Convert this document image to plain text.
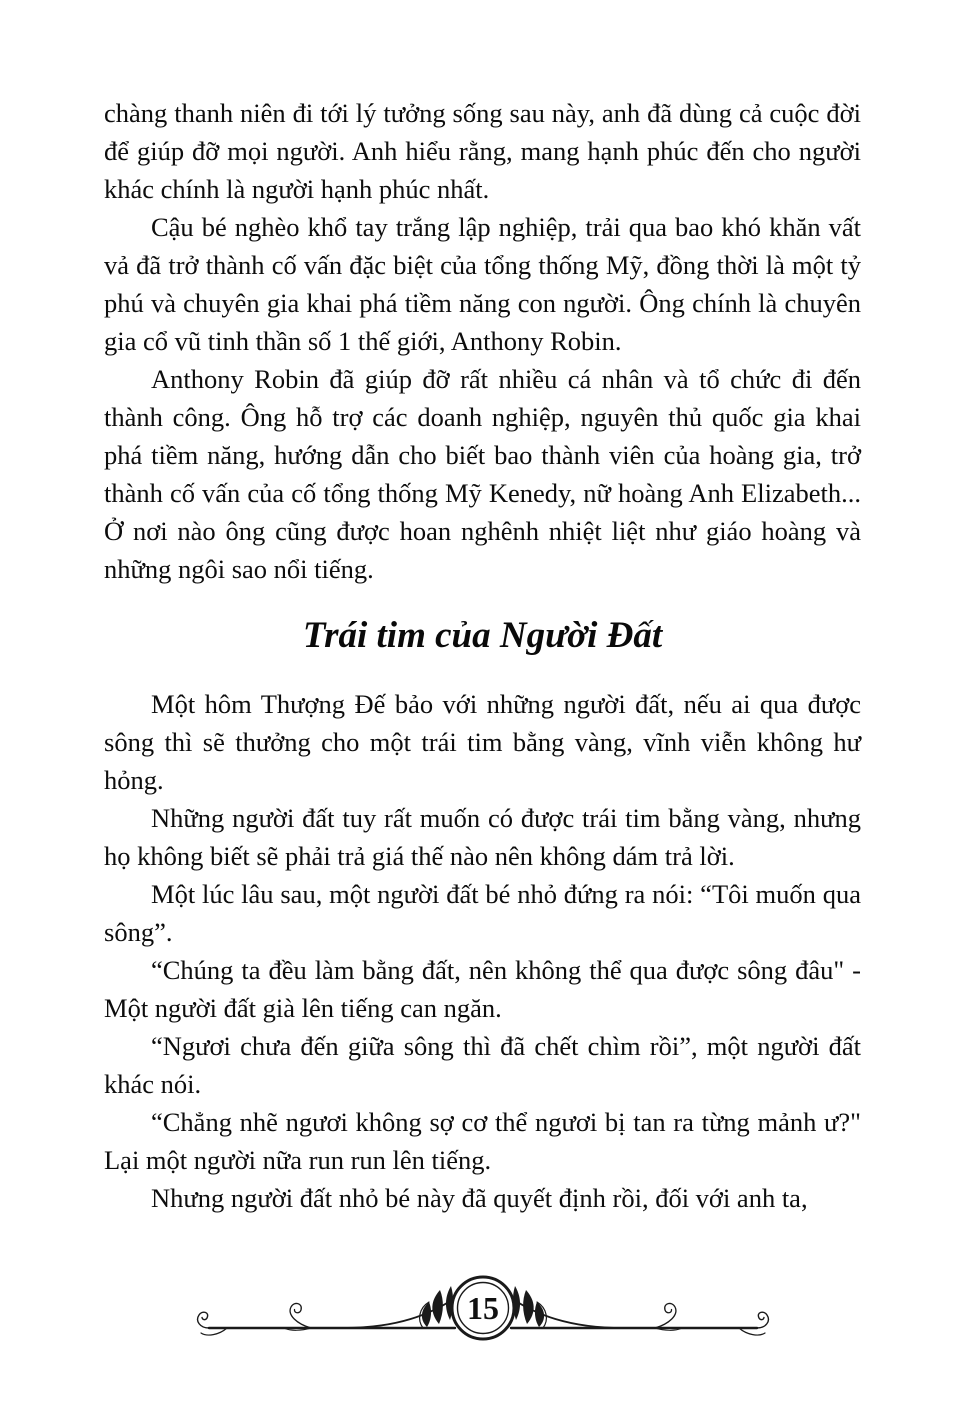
chàng thanh niên đi tới lý tưởng sống sau này, anh đã dùng cả cuộc đời để giúp đỡ mọi người. Anh hiểu rằng, mang hạnh phúc đến cho người khác chính là người hạnh phúc nhất.

Cậu bé nghèo khổ tay trắng lập nghiệp, trải qua bao khó khăn vất vả đã trở thành cố vấn đặc biệt của tổng thống Mỹ, đồng thời là một tỷ phú và chuyên gia khai phá tiềm năng con người. Ông chính là chuyên gia cổ vũ tinh thần số 1 thế giới, Anthony Robin.

Anthony Robin đã giúp đỡ rất nhiều cá nhân và tổ chức đi đến thành công. Ông hỗ trợ các doanh nghiệp, nguyên thủ quốc gia khai phá tiềm năng, hướng dẫn cho biết bao thành viên của hoàng gia, trở thành cố vấn của cố tổng thống Mỹ Kenedy, nữ hoàng Anh Elizabeth... Ở nơi nào ông cũng được hoan nghênh nhiệt liệt như giáo hoàng và những ngôi sao nổi tiếng.

Trái tim của Người Đất

Một hôm Thượng Đế bảo với những người đất, nếu ai qua được sông thì sẽ thưởng cho một trái tim bằng vàng, vĩnh viễn không hư hỏng.

Những người đất tuy rất muốn có được trái tim bằng vàng, nhưng họ không biết sẽ phải trả giá thế nào nên không dám trả lời.

Một lúc lâu sau, một người đất bé nhỏ đứng ra nói: “Tôi muốn qua sông”.

“Chúng ta đều làm bằng đất, nên không thể qua được sông đâu" - Một người đất già lên tiếng can ngăn.

“Ngươi chưa đến giữa sông thì đã chết chìm rồi”, một người đất khác nói.

“Chẳng nhẽ ngươi không sợ cơ thể ngươi bị tan ra từng mảnh ư?" Lại một người nữa run run lên tiếng.

Nhưng người đất nhỏ bé này đã quyết định rồi, đối với anh ta,

15
